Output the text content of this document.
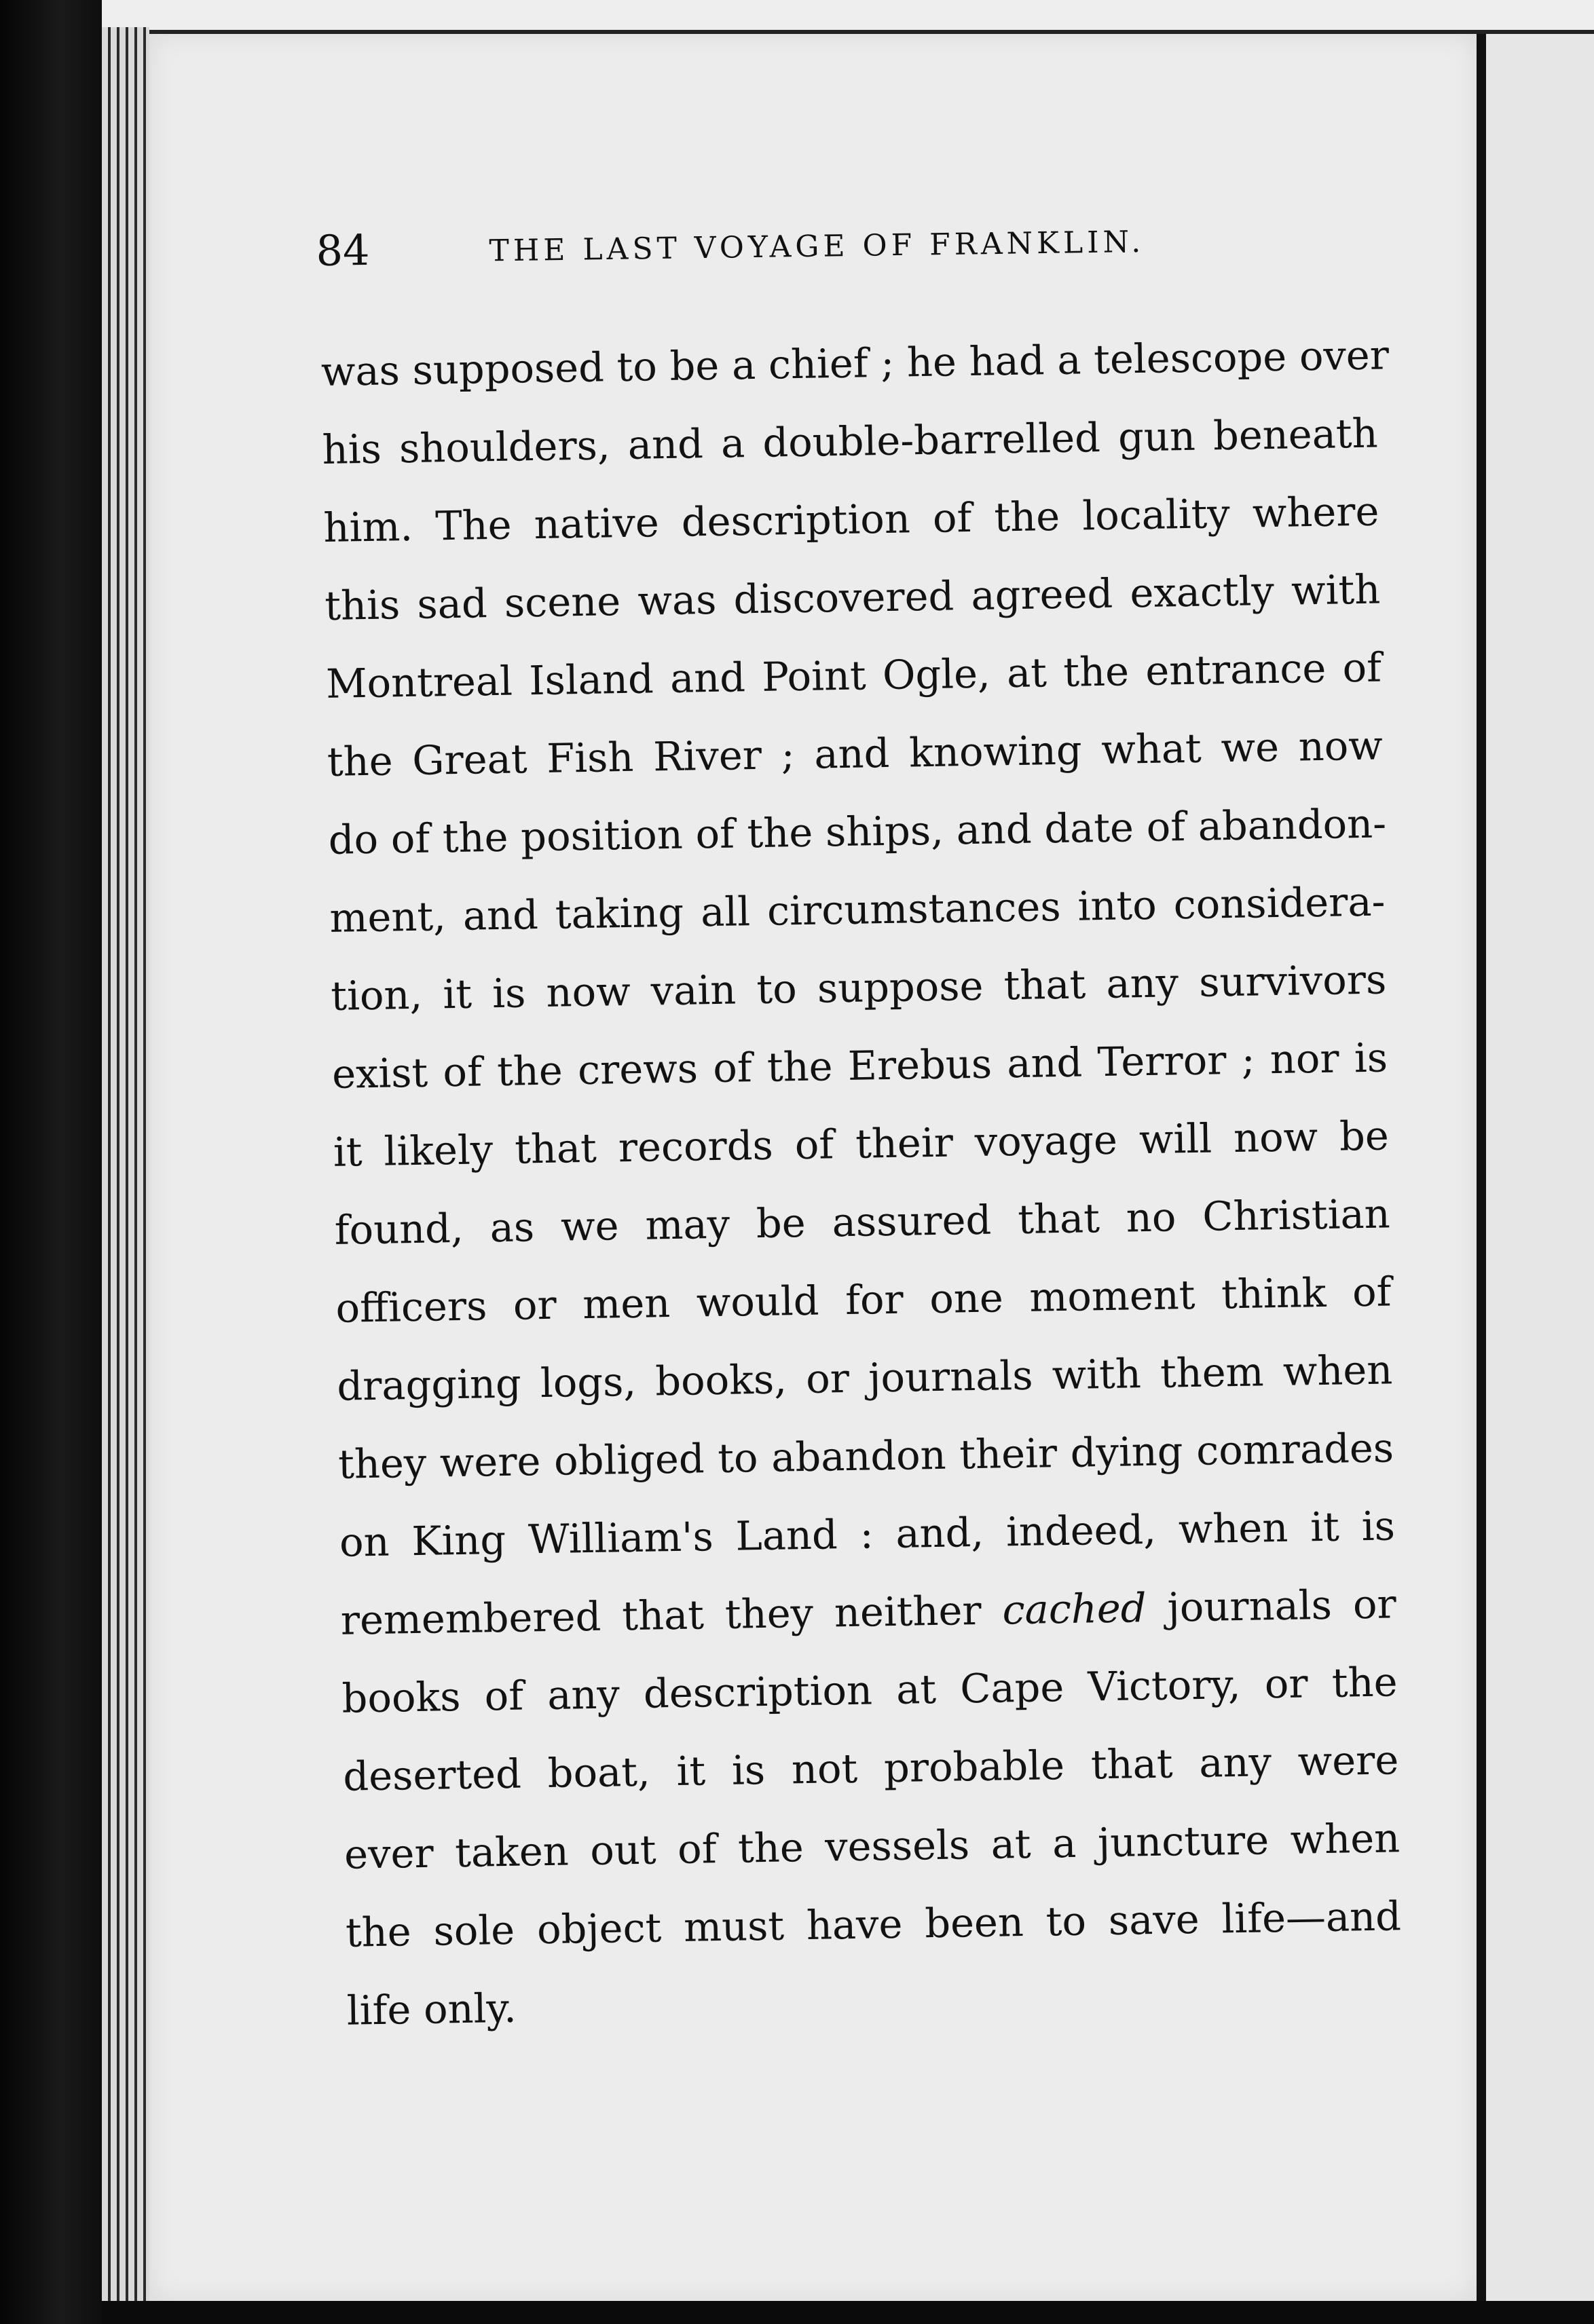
84	THE LAST VOYAGE OF FRANKLIN.
was supposed to be a chief ; he had a telescope over
his shoulders, and a double-barrelled gun beneath
him. The native description of the locality where
this sad scene was discovered agreed exactly with
Montreal Island and Point Ogle, at the entrance of
the Great Fish River ; and knowing what we now
do of the position of the ships, and date of abandon-
ment, and taking all circumstances into considera-
tion, it is now vain to suppose that any survivors
exist of the crews of the Erebus and Terror ; nor is
it likely that records of their voyage will now be
found, as we may be assured that no Christian
officers or men would for one moment think of
dragging logs, books, or journals with them when
they were obliged to abandon their dying comrades
on King William's Land : and, indeed, when it is
remembered that they neither cached journals or
books of any description at Cape Victory, or the
deserted boat, it is not probable that any were
ever taken out of the vessels at a juncture when
the sole object must have been to save life—and
life only.
